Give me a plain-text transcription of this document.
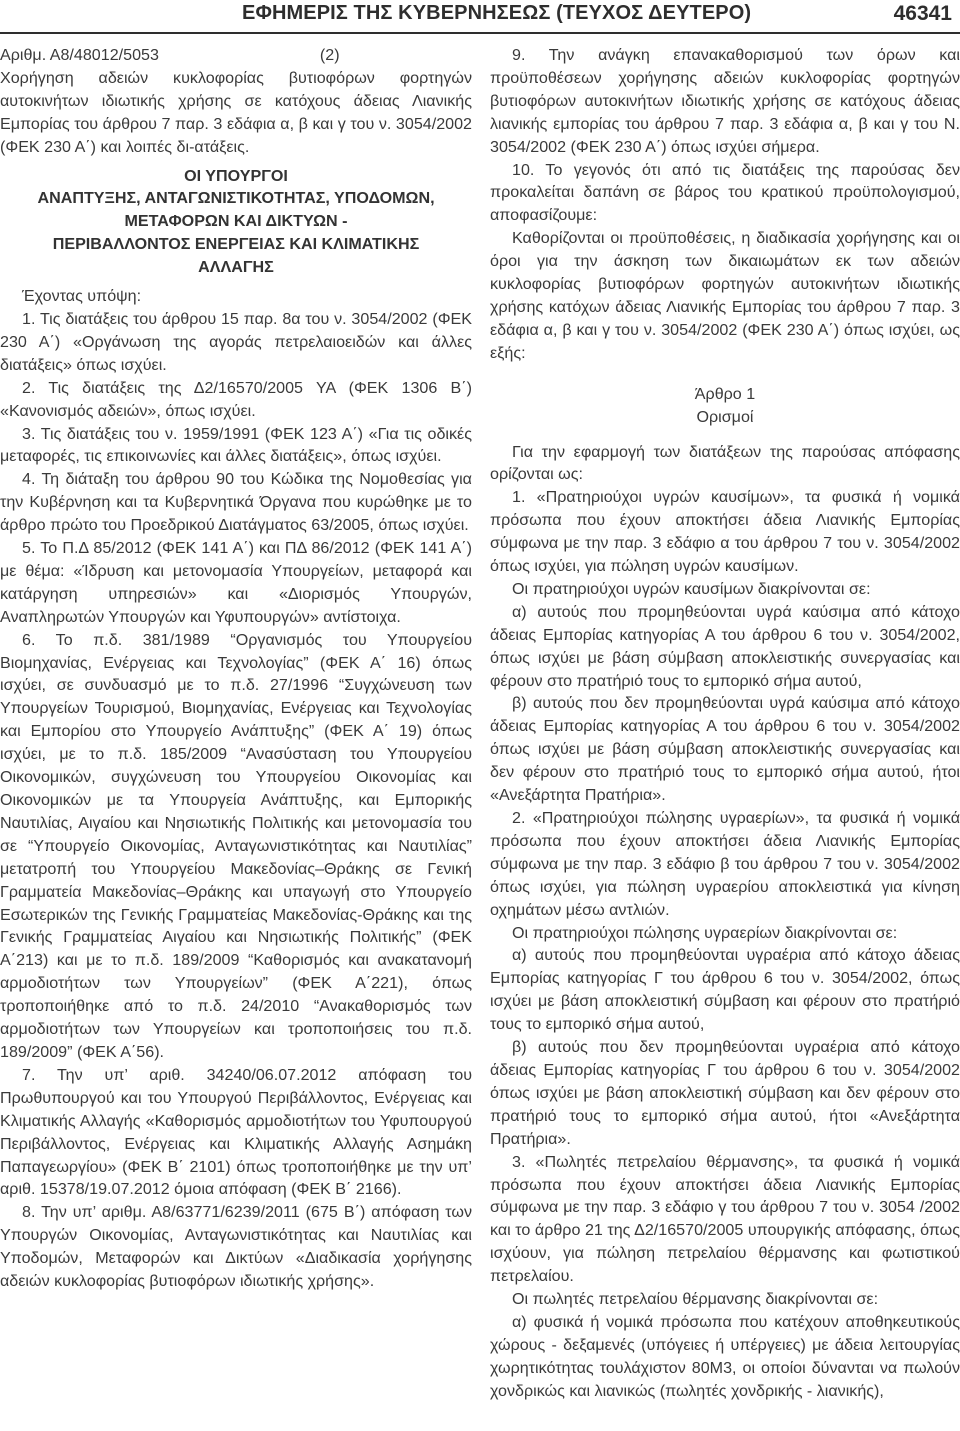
ΕΦΗΜΕΡΙΣ ΤΗΣ ΚΥΒΕΡΝΗΣΕΩΣ (ΤΕΥΧΟΣ ΔΕΥΤΕΡΟ)	46341

Αριθμ. Α8/48012/5053                                    (2)

Χορήγηση αδειών κυκλοφορίας βυτιοφόρων φορτηγών αυτοκινήτων ιδιωτικής χρήσης σε κατόχους άδειας Λιανικής Εμπορίας του άρθρου 7 παρ. 3 εδάφια α, β και γ του ν. 3054/2002 (ΦΕΚ 230 Α΄) και λοιπές δι-ατάξεις.

ΟΙ ΥΠΟΥΡΓΟΙ
ΑΝΑΠΤΥΞΗΣ, ΑΝΤΑΓΩΝΙΣΤΙΚΟΤΗΤΑΣ, ΥΠΟΔΟΜΩΝ,
ΜΕΤΑΦΟΡΩΝ ΚΑΙ ΔΙΚΤΥΩΝ -
ΠΕΡΙΒΑΛΛΟΝΤΟΣ ΕΝΕΡΓΕΙΑΣ ΚΑΙ ΚΛΙΜΑΤΙΚΗΣ
ΑΛΛΑΓΗΣ

Έχοντας υπόψη:

1. Τις διατάξεις του άρθρου 15 παρ. 8α του ν. 3054/2002 (ΦΕΚ 230 Α΄) «Οργάνωση της αγοράς πετρελαιοειδών και άλλες διατάξεις» όπως ισχύει.

2. Τις διατάξεις της Δ2/16570/2005 ΥΑ (ΦΕΚ 1306 Β΄) «Κανονισμός αδειών», όπως ισχύει.

3. Τις διατάξεις του ν. 1959/1991 (ΦΕΚ 123 Α΄) «Για τις οδικές μεταφορές, τις επικοινωνίες και άλλες διατάξεις», όπως ισχύει.

4. Τη διάταξη του άρθρου 90 του Κώδικα της Νομοθεσίας για την Κυβέρνηση και τα Κυβερνητικά Όργανα που κυρώθηκε με το άρθρο πρώτο του Προεδρικού Διατάγματος 63/2005, όπως ισχύει.

5. Το Π.Δ 85/2012 (ΦΕΚ 141 Α΄) και ΠΔ 86/2012 (ΦΕΚ 141 Α΄) με θέμα: «Ίδρυση και μετονομασία Υπουργείων, μεταφορά και κατάργηση υπηρεσιών» και «Διορισμός Υπουργών, Αναπληρωτών Υπουργών και Υφυπουργών» αντίστοιχα.

6. Το π.δ. 381/1989 “Οργανισμός του Υπουργείου Βιομηχανίας, Ενέργειας και Τεχνολογίας” (ΦΕΚ Α΄ 16) όπως ισχύει, σε συνδυασμό με το π.δ. 27/1996 “Συγχώνευση των Υπουργείων Τουρισμού, Βιομηχανίας, Ενέργειας και Τεχνολογίας και Εμπορίου στο Υπουργείο Ανάπτυξης” (ΦΕΚ Α΄ 19) όπως ισχύει, με το π.δ. 185/2009 “Ανασύσταση του Υπουργείου Οικονομικών, συγχώνευση του Υπουργείου Οικονομίας και Οικονομικών με τα Υπουργεία Ανάπτυξης, και Εμπορικής Ναυτιλίας, Αιγαίου και Νησιωτικής Πολιτικής και μετονομασία του σε “Υπουργείο Οικονομίας, Ανταγωνιστικότητας και Ναυτιλίας” μετατροπή του Υπουργείου Μακεδονίας–Θράκης σε Γενική Γραμματεία Μακεδονίας–Θράκης και υπαγωγή στο Υπουργείο Εσωτερικών της Γενικής Γραμματείας Μακεδονίας-Θράκης και της Γενικής Γραμματείας Αιγαίου και Νησιωτικής Πολιτικής” (ΦΕΚ Α΄213) και με το π.δ. 189/2009 “Καθορισμός και ανακατανομή αρμοδιοτήτων των Υπουργείων” (ΦΕΚ Α΄221), όπως τροποποιήθηκε από το π.δ. 24/2010 “Ανακαθορισμός των αρμοδιοτήτων των Υπουργείων και τροποποιήσεις του π.δ. 189/2009” (ΦΕΚ Α΄56).

7. Την υπ’ αριθ. 34240/06.07.2012 απόφαση του Πρωθυπουργού και του Υπουργού Περιβάλλοντος, Ενέργειας και Κλιματικής Αλλαγής «Καθορισμός αρμοδιοτήτων του Υφυπουργού Περιβάλλοντος, Ενέργειας και Κλιματικής Αλλαγής Ασημάκη Παπαγεωργίου» (ΦΕΚ Β΄ 2101) όπως τροποποιήθηκε με την υπ’ αριθ. 15378/19.07.2012 όμοια απόφαση (ΦΕΚ Β΄ 2166).

8. Την υπ’ αριθμ. Α8/63771/6239/2011 (675 Β΄) απόφαση των Υπουργών Οικονομίας, Ανταγωνιστικότητας και Ναυτιλίας και Υποδομών, Μεταφορών και Δικτύων «Διαδικασία χορήγησης αδειών κυκλοφορίας βυτιοφόρων ιδιωτικής χρήσης».

9. Την ανάγκη επανακαθορισμού των όρων και προϋποθέσεων χορήγησης αδειών κυκλοφορίας φορτηγών βυτιοφόρων αυτοκινήτων ιδιωτικής χρήσης σε κατόχους άδειας λιανικής εμπορίας του άρθρου 7 παρ. 3 εδάφια α, β και γ του Ν. 3054/2002 (ΦΕΚ 230 Α΄) όπως ισχύει σήμερα.

10. Το γεγονός ότι από τις διατάξεις της παρούσας δεν προκαλείται δαπάνη σε βάρος του κρατικού προϋπολογισμού, αποφασίζουμε:

Καθορίζονται οι προϋποθέσεις, η διαδικασία χορήγησης και οι όροι για την άσκηση των δικαιωμάτων εκ των αδειών κυκλοφορίας βυτιοφόρων φορτηγών αυτοκινήτων ιδιωτικής χρήσης κατόχων άδειας Λιανικής Εμπορίας του άρθρου 7 παρ. 3 εδάφια α, β και γ του ν. 3054/2002 (ΦΕΚ 230 Α΄) όπως ισχύει, ως εξής:

Άρθρο 1
Ορισμοί

Για την εφαρμογή των διατάξεων της παρούσας απόφασης ορίζονται ως:

1. «Πρατηριούχοι υγρών καυσίμων», τα φυσικά ή νομικά πρόσωπα που έχουν αποκτήσει άδεια Λιανικής Εμπορίας σύμφωνα με την παρ. 3 εδάφιο α του άρθρου 7 του ν. 3054/2002 όπως ισχύει, για πώληση υγρών καυσίμων.

Οι πρατηριούχοι υγρών καυσίμων διακρίνονται σε:

α) αυτούς που προμηθεύονται υγρά καύσιμα από κάτοχο άδειας Εμπορίας κατηγορίας Α του άρθρου 6 του ν. 3054/2002, όπως ισχύει με βάση σύμβαση αποκλειστικής συνεργασίας και φέρουν στο πρατήριό τους το εμπορικό σήμα αυτού,

β) αυτούς που δεν προμηθεύονται υγρά καύσιμα από κάτοχο άδειας Εμπορίας κατηγορίας Α του άρθρου 6 του ν. 3054/2002 όπως ισχύει με βάση σύμβαση αποκλειστικής συνεργασίας και δεν φέρουν στο πρατήριό τους το εμπορικό σήμα αυτού, ήτοι «Ανεξάρτητα Πρατήρια».

2. «Πρατηριούχοι πώλησης υγραερίων», τα φυσικά ή νομικά πρόσωπα που έχουν αποκτήσει άδεια Λιανικής Εμπορίας σύμφωνα με την παρ. 3 εδάφιο β του άρθρου 7 του ν. 3054/2002 όπως ισχύει, για πώληση υγραερίου αποκλειστικά για κίνηση οχημάτων μέσω αντλιών.

Οι πρατηριούχοι πώλησης υγραερίων διακρίνονται σε:

α) αυτούς που προμηθεύονται υγραέρια από κάτοχο άδειας Εμπορίας κατηγορίας Γ του άρθρου 6 του ν. 3054/2002, όπως ισχύει με βάση αποκλειστική σύμβαση και φέρουν στο πρατήριό τους το εμπορικό σήμα αυτού,

β) αυτούς που δεν προμηθεύονται υγραέρια από κάτοχο άδειας Εμπορίας κατηγορίας Γ του άρθρου 6 του ν. 3054/2002 όπως ισχύει με βάση αποκλειστική σύμβαση και δεν φέρουν στο πρατήριό τους το εμπορικό σήμα αυτού, ήτοι «Ανεξάρτητα Πρατήρια».

3. «Πωλητές πετρελαίου θέρμανσης», τα φυσικά ή νομικά πρόσωπα που έχουν αποκτήσει άδεια Λιανικής Εμπορίας σύμφωνα με την παρ. 3 εδάφιο γ του άρθρου 7 του ν. 3054 /2002 και το άρθρο 21 της Δ2/16570/2005 υπουργικής απόφασης, όπως ισχύουν, για πώληση πετρελαίου θέρμανσης και φωτιστικού πετρελαίου.

Οι πωλητές πετρελαίου θέρμανσης διακρίνονται σε:

α) φυσικά ή νομικά πρόσωπα που κατέχουν αποθηκευτικούς χώρους - δεξαμενές (υπόγειες ή υπέργειες) με άδεια λειτουργίας χωρητικότητας τουλάχιστον 80Μ3, οι οποίοι δύνανται να πωλούν χονδρικώς και λιανικώς (πωλητές χονδρικής - λιανικής),
